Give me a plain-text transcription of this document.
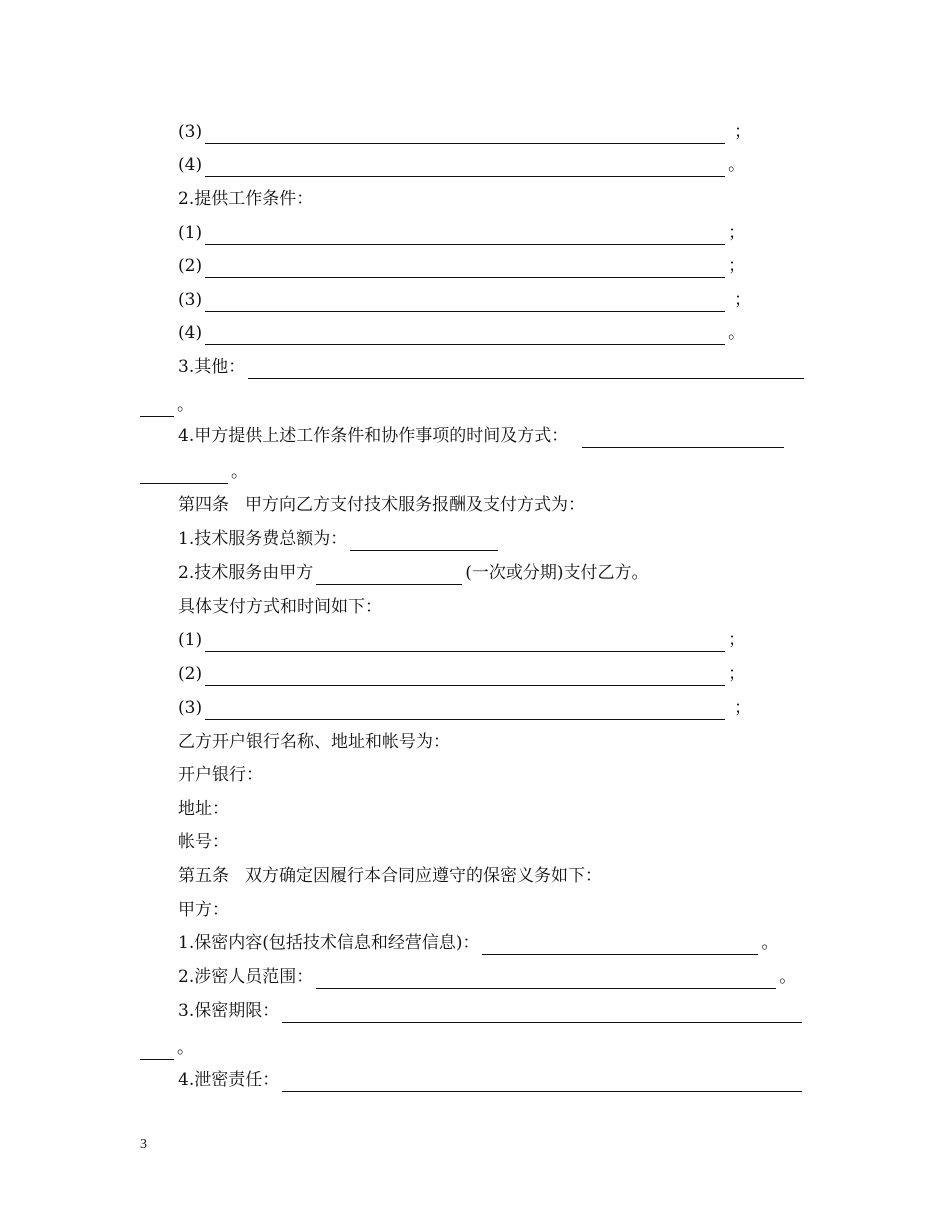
(3)	；
(4)	。
2.提供工作条件：
(1)	；
(2)	；
(3)	；
(4)	。
3.其他：
。
4.甲方提供上述工作条件和协作事项的时间及方式：
。
第四条 甲方向乙方支付技术服务报酬及支付方式为：
1.技术服务费总额为：
2.技术服务由甲方	(一次或分期)支付乙方。
具体支付方式和时间如下：
(1)	；
(2)	；
(3)	；
乙方开户银行名称、地址和帐号为：
开户银行：
地址：
帐号：
第五条 双方确定因履行本合同应遵守的保密义务如下：
甲方：
1.保密内容(包括技术信息和经营信息)：	。
2.涉密人员范围：	。
3.保密期限：
。
4.泄密责任：
3
